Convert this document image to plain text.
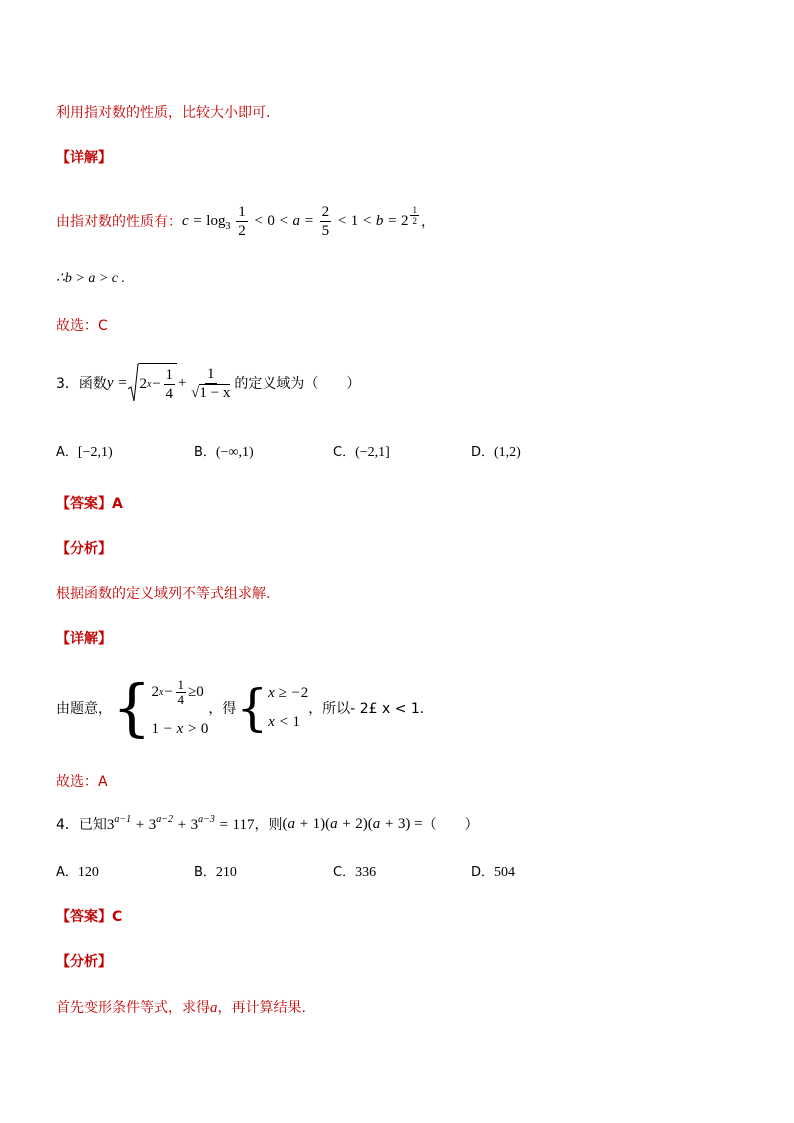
利用指对数的性质，比较大小即可.
【详解】
由指对数的性质有： $c = \log_3 \frac{1}{2} < 0 < a = \frac{2}{5} < 1 < b = 2$ $^{\frac{1}{2}}$ ，
∴b > a > c .
故选：C
3．函数 y = 2 $x - \frac{1}{4} + \frac{1}{√1 - x}$ 的定义域为（　　）
A．[−2,1)	B．(−∞,1)	C．(−2,1]	D．(1,2)
【答案】A
【分析】
根据函数的定义域列不等式组求解.
【详解】
由题意， { 2 $x - \frac{1}{4} \ge 0$
1 − x > 0
，得 { x ≥ −2
x < 1
，所以- 2£ x < 1.
故选：A
4．已知 $3^{a-1} + 3^{a-2} + 3^{a-3} = 117$ ，则 (a + 1)(a + 2)(a + 3) = （　　）
A．120	B．210	C．336	D．504
【答案】C
【分析】
首先变形条件等式，求得a，再计算结果.
